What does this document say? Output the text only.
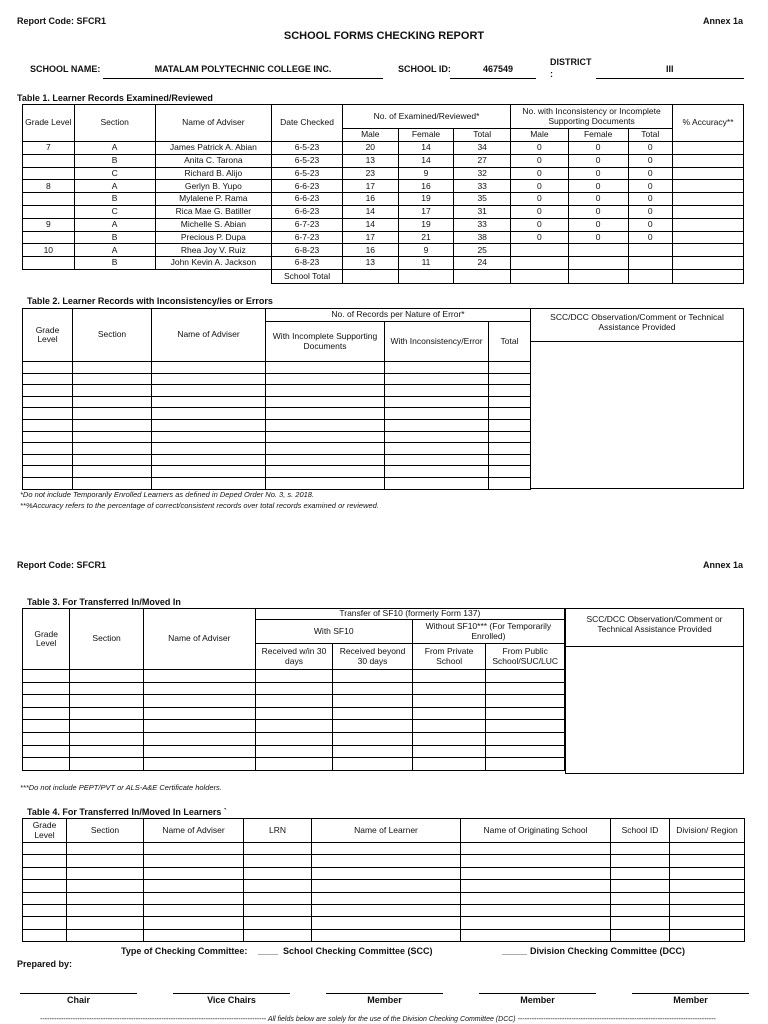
Report Code: SFCR1	Annex 1a
SCHOOL FORMS CHECKING REPORT
SCHOOL NAME:	MATALAM POLYTECHNIC COLLEGE INC.	SCHOOL ID:	467549
DISTRICT
:	III
Table 1. Learner Records Examined/Reviewed
Grade Level	Section	Name of Adviser	Date Checked	No. of Examined/Reviewed*			No. with Inconsistency or Incomplete Supporting Documents			% Accuracy**
				Male	Female	Total	Male	Female	Total	
7	A	James Patrick A. Abian	6-5-23	20	14	34	0	0	0	
	B	Anita C. Tarona	6-5-23	13	14	27	0	0	0	
	C	Richard B. Alijo	6-5-23	23	9	32	0	0	0	
8	A	Gerlyn B. Yupo	6-6-23	17	16	33	0	0	0	
	B	Mylalene P. Rama	6-6-23	16	19	35	0	0	0	
	C	Rica Mae G. Batiller	6-6-23	14	17	31	0	0	0	
9	A	Michelle S. Abian	6-7-23	14	19	33	0	0	0	
	B	Precious P. Dupa	6-7-23	17	21	38	0	0	0	
10	A	Rhea Joy V. Ruiz	6-8-23	16	9	25				
	B	John Kevin A. Jackson	6-8-23	13	11	24				
			School Total							
Table 2. Learner Records with Inconsistency/ies or Errors
Grade Level	Section	Name of Adviser	No. of Records per Nature of Error*		
			With Incomplete Supporting Documents	With Inconsistency/Error	Total

SCC/DCC Observation/Comment or Technical Assistance Provided
*Do not include Temporarily Enrolled Learners as defined in Deped Order No. 3, s. 2018.
**%Accuracy refers to the percentage of correct/consistent records over total records examined or reviewed.
Report Code: SFCR1	Annex 1a
Table 3. For Transferred In/Moved In
Grade Level	Section	Name of Adviser	Transfer of SF10 (formerly Form 137)			
			With SF10		Without SF10*** (For Temporarily Enrolled)	
			Received w/in 30 days	Received beyond 30 days	From Private School	From Public School/SUC/LUC

SCC/DCC Observation/Comment or Technical Assistance Provided
***Do not include PEPT/PVT or ALS-A&E Certificate holders.
Table 4. For Transferred In/Moved In Learners `
Grade Level	Section	Name of Adviser	LRN	Name of Learner	Name of Originating School	School ID	Division/ Region

Type of Checking Committee: ____ School Checking Committee (SCC)	_____ Division Checking Committee (DCC)
Prepared by:
Chair	Vice Chairs	Member	Member	Member
------------------------------------------------------------------------------------------------- All fields below are solely for the use of the Division Checking Committee (DCC) -------------------------------------------------------------------------------------
